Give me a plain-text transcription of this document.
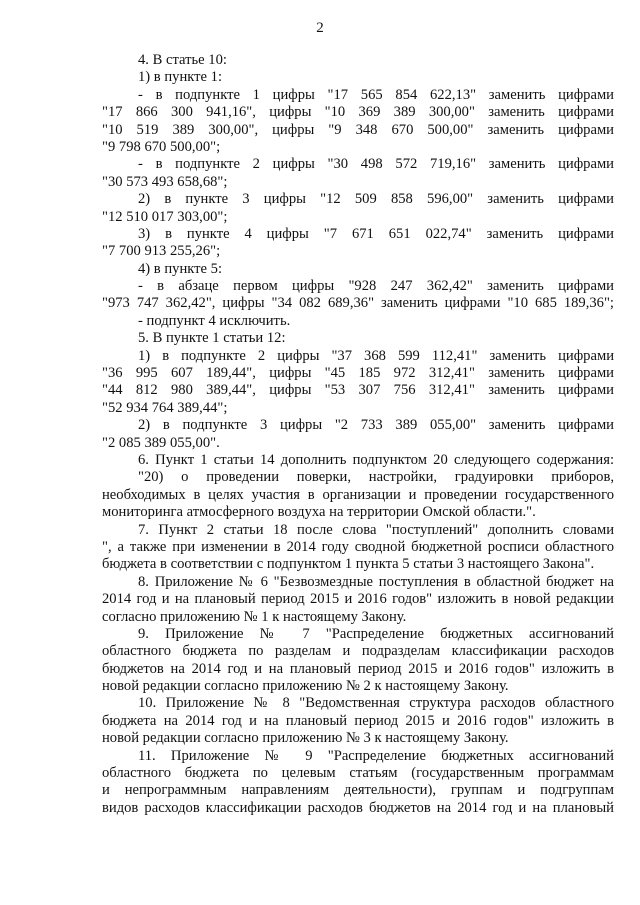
2
4. В статье 10:
1) в пункте 1:
- в подпункте 1 цифры "17 565 854 622,13" заменить цифрами
"17 866 300 941,16", цифры "10 369 389 300,00" заменить цифрами
"10 519 389 300,00", цифры "9 348 670 500,00" заменить цифрами
"9 798 670 500,00";
- в подпункте 2 цифры "30 498 572 719,16" заменить цифрами
"30 573 493 658,68";
2) в пункте 3 цифры "12 509 858 596,00" заменить цифрами
"12 510 017 303,00";
3) в пункте 4 цифры "7 671 651 022,74" заменить цифрами
"7 700 913 255,26";
4) в пункте 5:
- в абзаце первом цифры "928 247 362,42" заменить цифрами
"973 747 362,42", цифры "34 082 689,36" заменить цифрами "10 685 189,36";
- подпункт 4 исключить.
5. В пункте 1 статьи 12:
1) в подпункте 2 цифры "37 368 599 112,41" заменить цифрами
"36 995 607 189,44", цифры "45 185 972 312,41" заменить цифрами
"44 812 980 389,44", цифры "53 307 756 312,41" заменить цифрами
"52 934 764 389,44";
2) в подпункте 3 цифры "2 733 389 055,00" заменить цифрами
"2 085 389 055,00".
6. Пункт 1 статьи 14 дополнить подпунктом 20 следующего содержания:
"20) о проведении поверки, настройки, градуировки приборов,
необходимых в целях участия в организации и проведении государственного
мониторинга атмосферного воздуха на территории Омской области.".
7. Пункт 2 статьи 18 после слова "поступлений" дополнить словами
", а также при изменении в 2014 году сводной бюджетной росписи областного
бюджета в соответствии с подпунктом 1 пункта 5 статьи 3 настоящего Закона".
8. Приложение № 6 "Безвозмездные поступления в областной бюджет на
2014 год и на плановый период 2015 и 2016 годов" изложить в новой редакции
согласно приложению № 1 к настоящему Закону.
9. Приложение № 7 "Распределение бюджетных ассигнований
областного бюджета по разделам и подразделам классификации расходов
бюджетов на 2014 год и на плановый период 2015 и 2016 годов" изложить в
новой редакции согласно приложению № 2 к настоящему Закону.
10. Приложение № 8 "Ведомственная структура расходов областного
бюджета на 2014 год и на плановый период 2015 и 2016 годов" изложить в
новой редакции согласно приложению № 3 к настоящему Закону.
11. Приложение № 9 "Распределение бюджетных ассигнований
областного бюджета по целевым статьям (государственным программам
и непрограммным направлениям деятельности), группам и подгруппам
видов расходов классификации расходов бюджетов на 2014 год и на плановый
